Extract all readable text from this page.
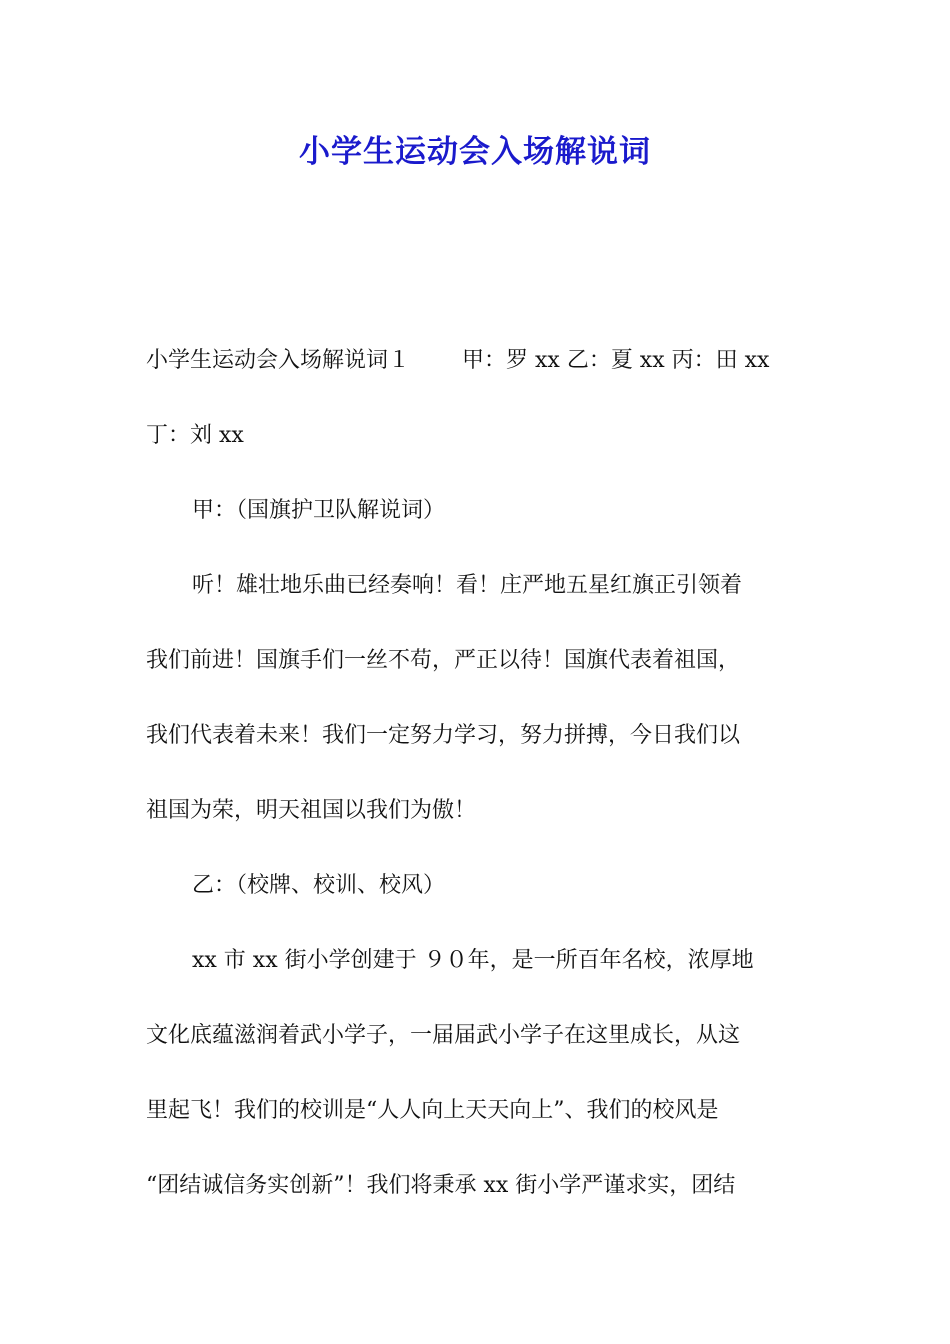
小学生运动会入场解说词
小学生运动会入场解说词１ 甲：罗 xx 乙：夏 xx 丙：田 xx
丁：刘 xx
甲：（国旗护卫队解说词）
听！雄壮地乐曲已经奏响！看！庄严地五星红旗正引领着
我们前进！国旗手们一丝不苟，严正以待！国旗代表着祖国，
我们代表着未来！我们一定努力学习，努力拼搏，今日我们以
祖国为荣，明天祖国以我们为傲！
乙：（校牌、校训、校风）
xx 市 xx 街小学创建于 ９０年，是一所百年名校，浓厚地
文化底蕴滋润着武小学子，一届届武小学子在这里成长，从这
里起飞！我们的校训是“人人向上天天向上”、我们的校风是
“团结诚信务实创新”！我们将秉承 xx 街小学严谨求实，团结
